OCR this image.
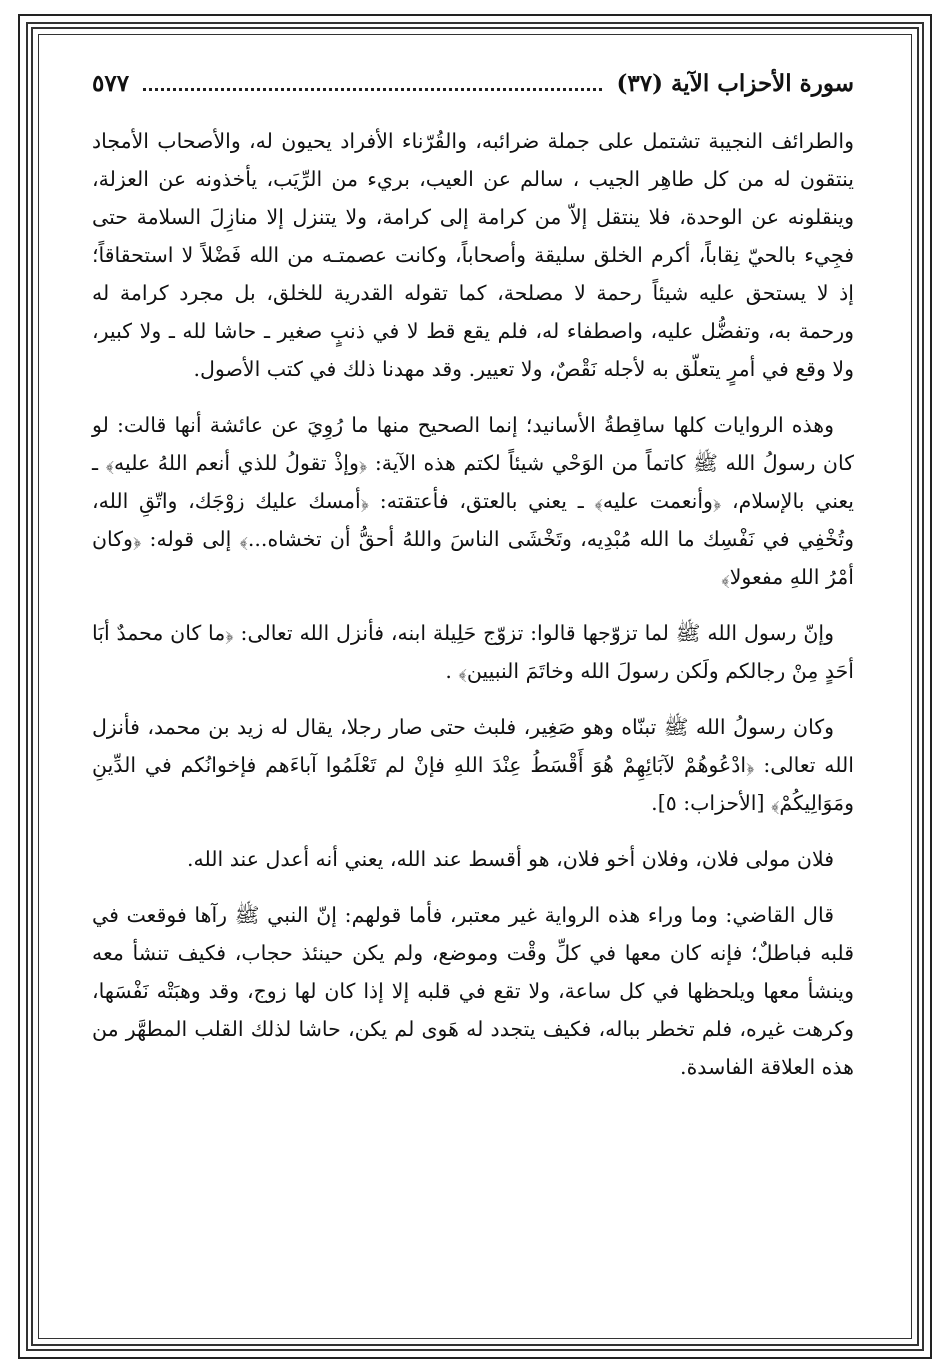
سورة الأحزاب الآية (٣٧)
٥٧٧

والطرائف النجيبة تشتمل على جملة ضرائبه، والقُرّناء الأفراد يحيون له، والأصحاب الأمجاد ينتقون له من كل طاهِر الجيب ، سالم عن العيب، بريء من الرِّيَب، يأخذونه عن العزلة، وينقلونه عن الوحدة، فلا ينتقل إلاّ من كرامة إلى كرامة، ولا يتنزل إلا منازِلَ السلامة حتى فجِيء بالحيّ نِقاباً، أكرم الخلق سليقة وأصحاباً، وكانت عصمتـه من الله فَضْلاً لا استحقاقاً؛ إذ لا يستحق عليه شيئاً رحمة لا مصلحة، كما تقوله القدرية للخلق، بل مجرد كرامة له ورحمة به، وتفضُّل عليه، واصطفاء له، فلم يقع قط لا في ذنبٍ صغير ـ حاشا لله ـ ولا كبير، ولا وقع في أمرٍ يتعلّق به لأجله نَقْصٌ، ولا تعيير. وقد مهدنا ذلك في كتب الأصول.

وهذه الروايات كلها ساقِطةُ الأسانيد؛ إنما الصحيح منها ما رُوِيَ عن عائشة أنها قالت: لو كان رسولُ الله ﷺ كاتماً من الوَحْي شيئاً لكتم هذه الآية: ﴿وإذْ تقولُ للذي أنعم اللهُ عليه﴾ ـ يعني بالإسلام، ﴿وأنعمت عليه﴾ ـ يعني بالعتق، فأعتقته: ﴿أمسك عليك زوْجَك، واتّقِ الله، وتُخْفِي في نَفْسِك ما الله مُبْدِيه، وتَخْشَى الناسَ واللهُ أحقُّ أن تخشاه...﴾ إلى قوله: ﴿وكان أمْرُ اللهِ مفعولا﴾

وإنّ رسول الله ﷺ لما تزوّجها قالوا: تزوّج حَلِيلة ابنه، فأنزل الله تعالى: ﴿ما كان محمدٌ أبَا أحَدٍ مِنْ رجالكم ولَكن رسولَ الله وخاتَمَ النبيين﴾ .

وكان رسولُ الله ﷺ تبنّاه وهو صَغِير، فلبث حتى صار رجلا، يقال له زيد بن محمد، فأنزل الله تعالى: ﴿ادْعُوهُمْ لآبَائِهِمْ هُوَ أَقْسَطُ عِنْدَ اللهِ فإنْ لم تَعْلَمُوا آباءَهم فإخوانُكم في الدِّينِ ومَوَالِيكُمْ﴾ [الأحزاب: ٥].

فلان مولى فلان، وفلان أخو فلان، هو أقسط عند الله، يعني أنه أعدل عند الله.

قال القاضي: وما وراء هذه الرواية غير معتبر، فأما قولهم: إنّ النبي ﷺ رآها فوقعت في قلبه فباطلٌ؛ فإنه كان معها في كلِّ وقْت وموضع، ولم يكن حينئذ حجاب، فكيف تنشأ معه وينشأ معها ويلحظها في كل ساعة، ولا تقع في قلبه إلا إذا كان لها زوج، وقد وهبَتْه نَفْسَها، وكرهت غيره، فلم تخطر بباله، فكيف يتجدد له هَوى لم يكن، حاشا لذلك القلب المطهَّر من هذه العلاقة الفاسدة.
